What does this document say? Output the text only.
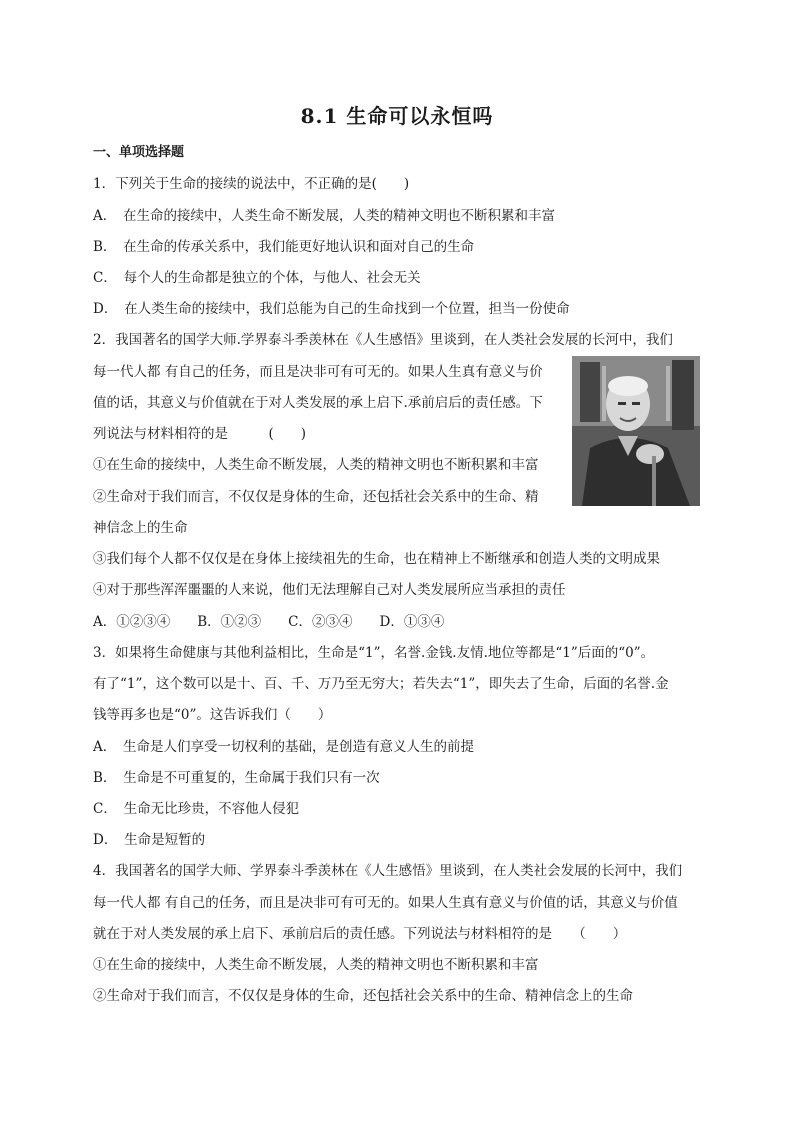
8.1 生命可以永恒吗
一、单项选择题
1．下列关于生命的接续的说法中，不正确的是(　　)
A．　在生命的接续中，人类生命不断发展，人类的精神文明也不断积累和丰富
B．　在生命的传承关系中，我们能更好地认识和面对自己的生命
C．　每个人的生命都是独立的个体，与他人、社会无关
D．　在人类生命的接续中，我们总能为自己的生命找到一个位置，担当一份使命
2．我国著名的国学大师.学界泰斗季羡林在《人生感悟》里谈到，在人类社会发展的长河中，我们
每一代人都 有自己的任务，而且是决非可有可无的。如果人生真有意义与价
值的话，其意义与价值就在于对人类发展的承上启下.承前启后的责任感。下
列说法与材料相符的是　　　(　　)
①在生命的接续中，人类生命不断发展，人类的精神文明也不断积累和丰富
②生命对于我们而言，不仅仅是身体的生命，还包括社会关系中的生命、精
神信念上的生命
③我们每个人都不仅仅是在身体上接续祖先的生命，也在精神上不断继承和创造人类的文明成果
④对于那些浑浑噩噩的人来说，他们无法理解自己对人类发展所应当承担的责任
A．①②③④　　B．①②③　　C．②③④　　D．①③④
3．如果将生命健康与其他利益相比，生命是“1”，名誉.金钱.友情.地位等都是“1”后面的“0”。
有了“1”，这个数可以是十、百、千、万乃至无穷大；若失去“1”，即失去了生命，后面的名誉.金
钱等再多也是“0”。这告诉我们（　　）
A．　生命是人们享受一切权利的基础，是创造有意义人生的前提
B．　生命是不可重复的，生命属于我们只有一次
C．　生命无比珍贵，不容他人侵犯
D．　生命是短暂的
4．我国著名的国学大师、学界泰斗季羡林在《人生感悟》里谈到，在人类社会发展的长河中，我们
每一代人都 有自己的任务，而且是决非可有可无的。如果人生真有意义与价值的话，其意义与价值
就在于对人类发展的承上启下、承前启后的责任感。下列说法与材料相符的是　　（　　）
①在生命的接续中，人类生命不断发展，人类的精神文明也不断积累和丰富
②生命对于我们而言，不仅仅是身体的生命，还包括社会关系中的生命、精神信念上的生命
